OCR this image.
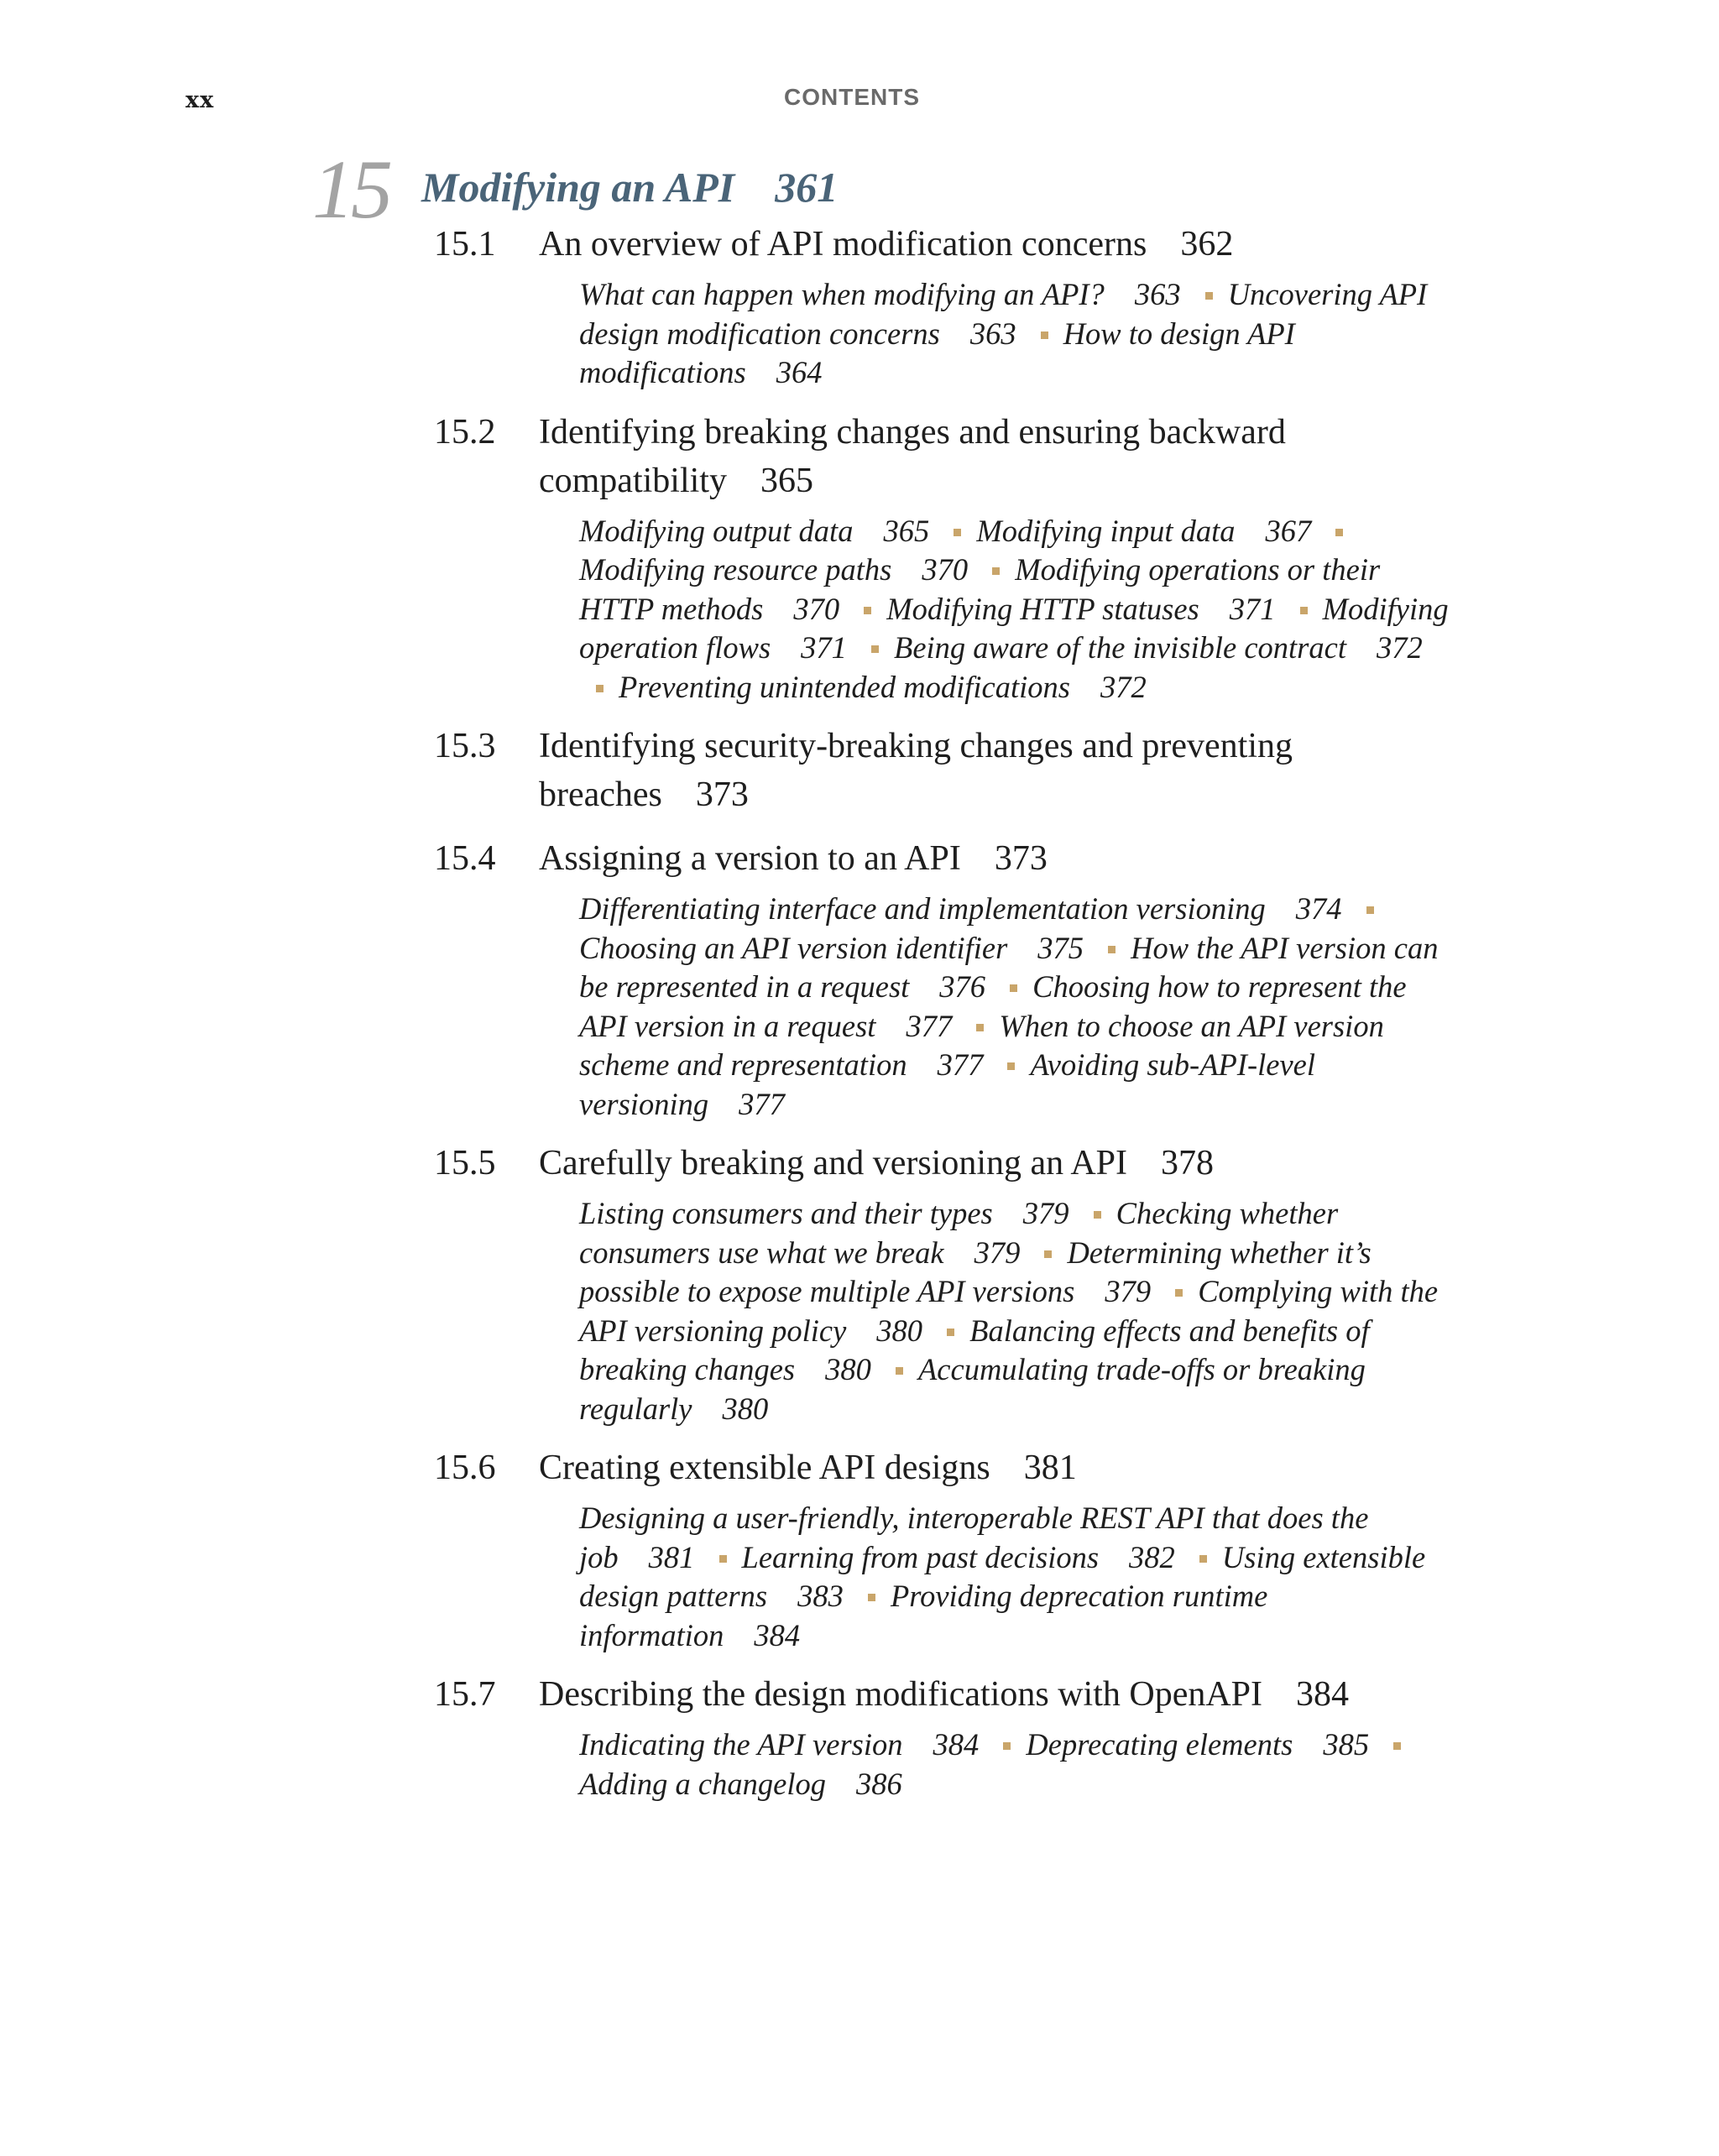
xx	CONTENTS
15 Modifying an API 361
15.1	An overview of API modification concerns 362
What can happen when modifying an API? 363 Uncovering API design modification concerns 363 How to design API modifications 364
15.2	Identifying breaking changes and ensuring backward compatibility 365
Modifying output data 365 Modifying input data 367 Modifying resource paths 370 Modifying operations or their HTTP methods 370 Modifying HTTP statuses 371 Modifying operation flows 371 Being aware of the invisible contract 372 Preventing unintended modifications 372
15.3	Identifying security-breaking changes and preventing breaches 373
15.4	Assigning a version to an API 373
Differentiating interface and implementation versioning 374 Choosing an API version identifier 375 How the API version can be represented in a request 376 Choosing how to represent the API version in a request 377 When to choose an API version scheme and representation 377 Avoiding sub-API-level versioning 377
15.5	Carefully breaking and versioning an API 378
Listing consumers and their types 379 Checking whether consumers use what we break 379 Determining whether it’s possible to expose multiple API versions 379 Complying with the API versioning policy 380 Balancing effects and benefits of breaking changes 380 Accumulating trade-offs or breaking regularly 380
15.6	Creating extensible API designs 381
Designing a user-friendly, interoperable REST API that does the job 381 Learning from past decisions 382 Using extensible design patterns 383 Providing deprecation runtime information 384
15.7	Describing the design modifications with OpenAPI 384
Indicating the API version 384 Deprecating elements 385 Adding a changelog 386
